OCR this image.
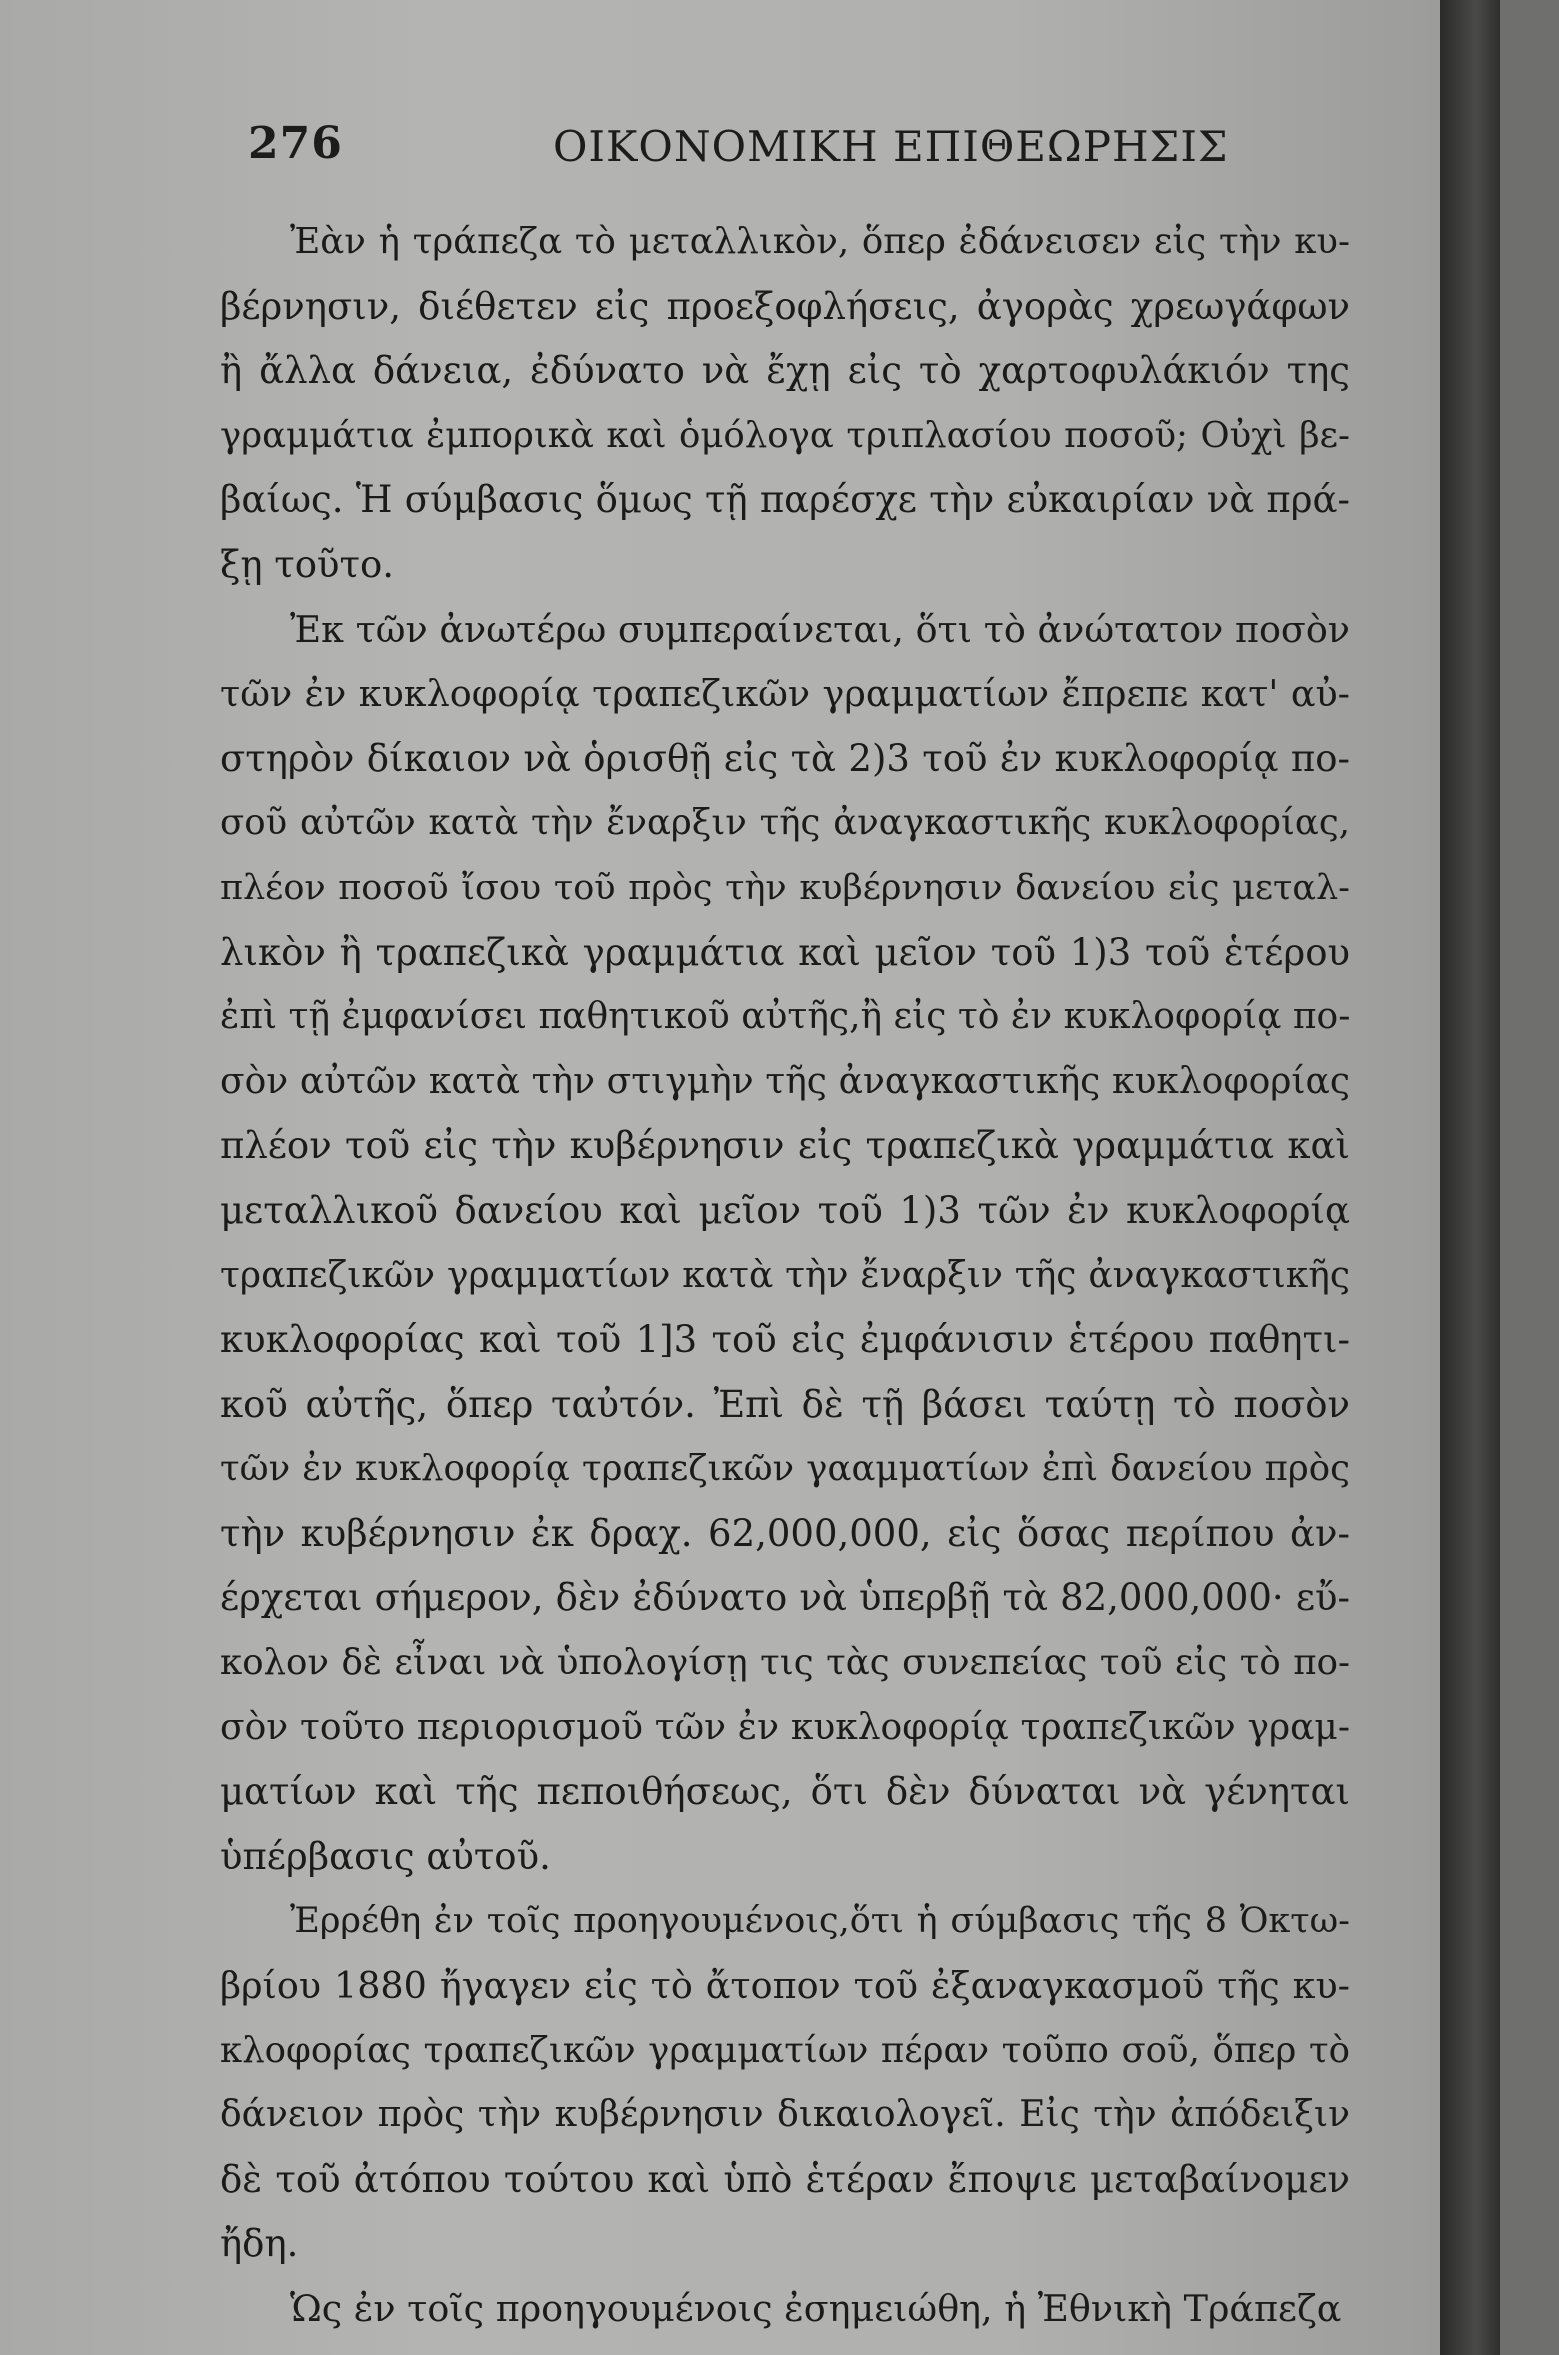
276	ΟΙΚΟΝΟΜΙΚΗ ΕΠΙΘΕΩΡΗΣΙΣ
Ἐὰν ἡ τράπεζα τὸ μεταλλικὸν, ὅπερ ἐδάνεισεν εἰς τὴν κυ-
βέρνησιν, διέθετεν εἰς προεξοφλήσεις, ἀγορὰς χρεωγάφων
ἢ ἄλλα δάνεια, ἐδύνατο νὰ ἔχῃ εἰς τὸ χαρτοφυλάκιόν της
γραμμάτια ἐμπορικὰ καὶ ὁμόλογα τριπλασίου ποσοῦ; Οὐχὶ βε-
βαίως. Ἡ σύμβασις ὅμως τῇ παρέσχε τὴν εὐκαιρίαν νὰ πρά-
ξῃ τοῦτο.
Ἐκ τῶν ἀνωτέρω συμπεραίνεται, ὅτι τὸ ἀνώτατον ποσὸν
τῶν ἐν κυκλοφορίᾳ τραπεζικῶν γραμματίων ἔπρεπε κατ' αὐ-
στηρὸν δίκαιον νὰ ὁρισθῇ εἰς τὰ 2)3 τοῦ ἐν κυκλοφορίᾳ πο-
σοῦ αὐτῶν κατὰ τὴν ἔναρξιν τῆς ἀναγκαστικῆς κυκλοφορίας,
πλέον ποσοῦ ἴσου τοῦ πρὸς τὴν κυβέρνησιν δανείου εἰς μεταλ-
λικὸν ἢ τραπεζικὰ γραμμάτια καὶ μεῖον τοῦ 1)3 τοῦ ἑτέρου
ἐπὶ τῇ ἐμφανίσει παθητικοῦ αὐτῆς,ἢ εἰς τὸ ἐν κυκλοφορίᾳ πο-
σὸν αὐτῶν κατὰ τὴν στιγμὴν τῆς ἀναγκαστικῆς κυκλοφορίας
πλέον τοῦ εἰς τὴν κυβέρνησιν εἰς τραπεζικὰ γραμμάτια καὶ
μεταλλικοῦ δανείου καὶ μεῖον τοῦ 1)3 τῶν ἐν κυκλοφορίᾳ
τραπεζικῶν γραμματίων κατὰ τὴν ἔναρξιν τῆς ἀναγκαστικῆς
κυκλοφορίας καὶ τοῦ 1]3 τοῦ εἰς ἐμφάνισιν ἑτέρου παθητι-
κοῦ αὐτῆς, ὅπερ ταὐτόν. Ἐπὶ δὲ τῇ βάσει ταύτῃ τὸ ποσὸν
τῶν ἐν κυκλοφορίᾳ τραπεζικῶν γααμματίων ἐπὶ δανείου πρὸς
τὴν κυβέρνησιν ἐκ δραχ. 62,000,000, εἰς ὅσας περίπου ἀν-
έρχεται σήμερον, δὲν ἐδύνατο νὰ ὑπερβῇ τὰ 82,000,000· εὔ-
κολον δὲ εἶναι νὰ ὑπολογίσῃ τις τὰς συνεπείας τοῦ εἰς τὸ πο-
σὸν τοῦτο περιορισμοῦ τῶν ἐν κυκλοφορίᾳ τραπεζικῶν γραμ-
ματίων καὶ τῆς πεποιθήσεως, ὅτι δὲν δύναται νὰ γένηται
ὑπέρβασις αὐτοῦ.
Ἐρρέθη ἐν τοῖς προηγουμένοις,ὅτι ἡ σύμβασις τῆς 8 Ὀκτω-
βρίου 1880 ἤγαγεν εἰς τὸ ἄτοπον τοῦ ἐξαναγκασμοῦ τῆς κυ-
κλοφορίας τραπεζικῶν γραμματίων πέραν τοῦπο σοῦ, ὅπερ τὸ
δάνειον πρὸς τὴν κυβέρνησιν δικαιολογεῖ. Εἰς τὴν ἀπόδειξιν
δὲ τοῦ ἀτόπου τούτου καὶ ὑπὸ ἑτέραν ἔποψιε μεταβαίνομεν
ἤδη.
Ὡς ἐν τοῖς προηγουμένοις ἐσημειώθη, ἡ Ἐθνικὴ Τράπεζα
